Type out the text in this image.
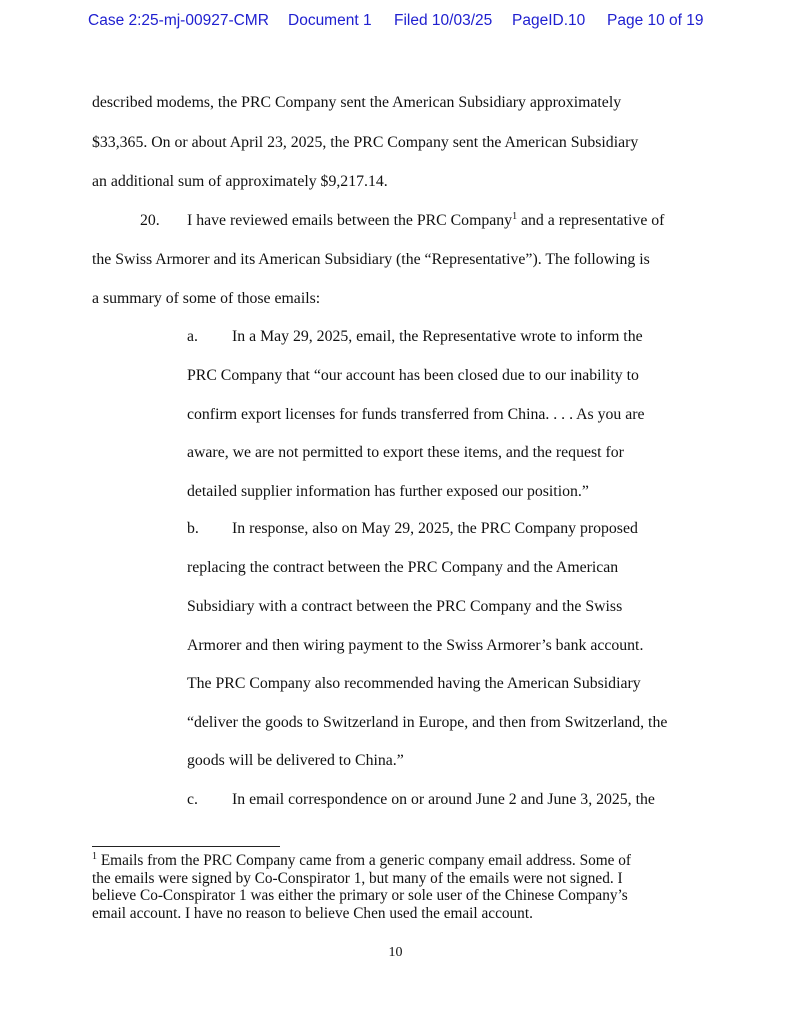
Case 2:25-mj-00927-CMR Document 1 Filed 10/03/25 PageID.10 Page 10 of 19
described modems, the PRC Company sent the American Subsidiary approximately
$33,365. On or about April 23, 2025, the PRC Company sent the American Subsidiary
an additional sum of approximately $9,217.14.
20. I have reviewed emails between the PRC Company$^1$ and a representative of
the Swiss Armorer and its American Subsidiary (the “Representative”). The following is
a summary of some of those emails:
a. In a May 29, 2025, email, the Representative wrote to inform the
PRC Company that “our account has been closed due to our inability to
confirm export licenses for funds transferred from China. . . . As you are
aware, we are not permitted to export these items, and the request for
detailed supplier information has further exposed our position.”
b. In response, also on May 29, 2025, the PRC Company proposed
replacing the contract between the PRC Company and the American
Subsidiary with a contract between the PRC Company and the Swiss
Armorer and then wiring payment to the Swiss Armorer’s bank account.
The PRC Company also recommended having the American Subsidiary
“deliver the goods to Switzerland in Europe, and then from Switzerland, the
goods will be delivered to China.”
c. In email correspondence on or around June 2 and June 3, 2025, the
$^1$ Emails from the PRC Company came from a generic company email address. Some of
the emails were signed by Co-Conspirator 1, but many of the emails were not signed. I
believe Co-Conspirator 1 was either the primary or sole user of the Chinese Company’s
email account. I have no reason to believe Chen used the email account.
10
